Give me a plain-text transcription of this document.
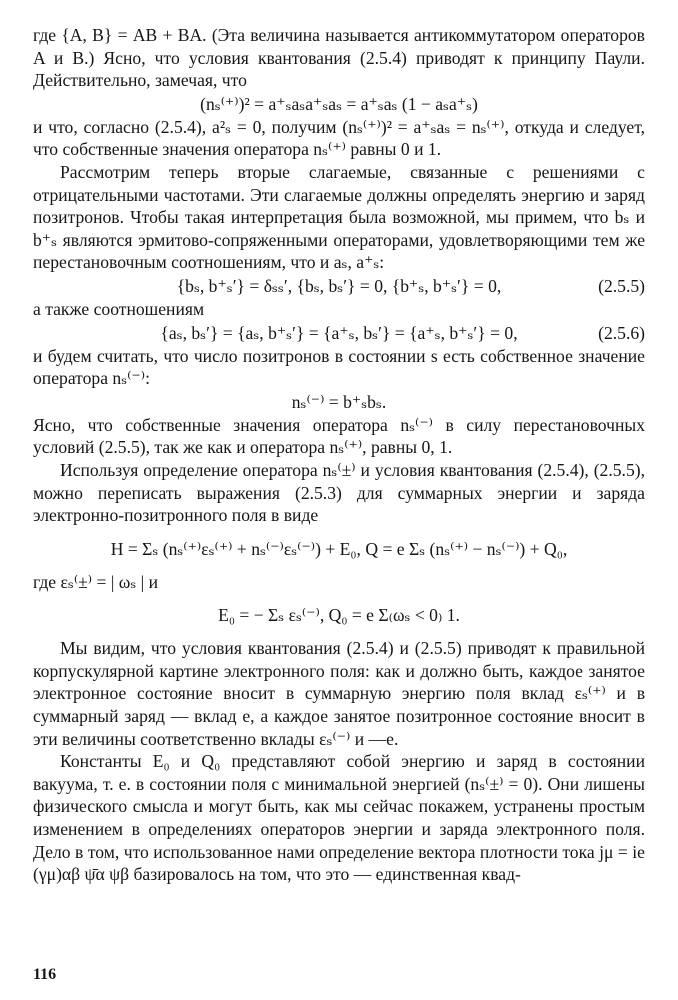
где {A, B} = AB + BA. (Эта величина называется антикоммутатором операторов A и B.) Ясно, что условия квантования (2.5.4) приводят к принципу Паули. Действительно, замечая, что

(nₛ⁽⁺⁾)² = a⁺ₛaₛa⁺ₛaₛ = a⁺ₛaₛ (1 − aₛa⁺ₛ)

и что, согласно (2.5.4), a²ₛ = 0, получим (nₛ⁽⁺⁾)² = a⁺ₛaₛ = nₛ⁽⁺⁾, откуда и следует, что собственные значения оператора nₛ⁽⁺⁾ равны 0 и 1.

Рассмотрим теперь вторые слагаемые, связанные с решениями с отрицательными частотами. Эти слагаемые должны определять энергию и заряд позитронов. Чтобы такая интерпретация была возможной, мы примем, что bₛ и b⁺ₛ являются эрмитово-сопряженными операторами, удовлетворяющими тем же перестановочным соотношениям, что и aₛ, a⁺ₛ:

{bₛ, b⁺ₛ′} = δₛₛ′, {bₛ, bₛ′} = 0, {b⁺ₛ, b⁺ₛ′} = 0,	(2.5.5)

а также соотношениям

{aₛ, bₛ′} = {aₛ, b⁺ₛ′} = {a⁺ₛ, bₛ′} = {a⁺ₛ, b⁺ₛ′} = 0,	(2.5.6)

и будем считать, что число позитронов в состоянии s есть собственное значение оператора nₛ⁽⁻⁾:

nₛ⁽⁻⁾ = b⁺ₛbₛ.

Ясно, что собственные значения оператора nₛ⁽⁻⁾ в силу перестановочных условий (2.5.5), так же как и оператора nₛ⁽⁺⁾, равны 0, 1.

Используя определение оператора nₛ⁽±⁾ и условия квантования (2.5.4), (2.5.5), можно переписать выражения (2.5.3) для суммарных энергии и заряда электронно-позитронного поля в виде

H = Σₛ (nₛ⁽⁺⁾εₛ⁽⁺⁾ + nₛ⁽⁻⁾εₛ⁽⁻⁾) + E₀, Q = e Σₛ (nₛ⁽⁺⁾ − nₛ⁽⁻⁾) + Q₀,

где εₛ⁽±⁾ = | ωₛ | и

E₀ = − Σₛ εₛ⁽⁻⁾, Q₀ = e Σ₍ωₛ < 0₎ 1.

Мы видим, что условия квантования (2.5.4) и (2.5.5) приводят к правильной корпускулярной картине электронного поля: как и должно быть, каждое занятое электронное состояние вносит в суммарную энергию поля вклад εₛ⁽⁺⁾ и в суммарный заряд — вклад e, а каждое занятое позитронное состояние вносит в эти величины соответственно вклады εₛ⁽⁻⁾ и —e.

Константы E₀ и Q₀ представляют собой энергию и заряд в состоянии вакуума, т. е. в состоянии поля с минимальной энергией (nₛ⁽±⁾ = 0). Они лишены физического смысла и могут быть, как мы сейчас покажем, устранены простым изменением в определениях операторов энергии и заряда электронного поля. Дело в том, что использованное нами определение вектора плотности тока jμ = ie (γμ)αβ ψ̄α ψβ базировалось на том, что это — единственная квад-

116
